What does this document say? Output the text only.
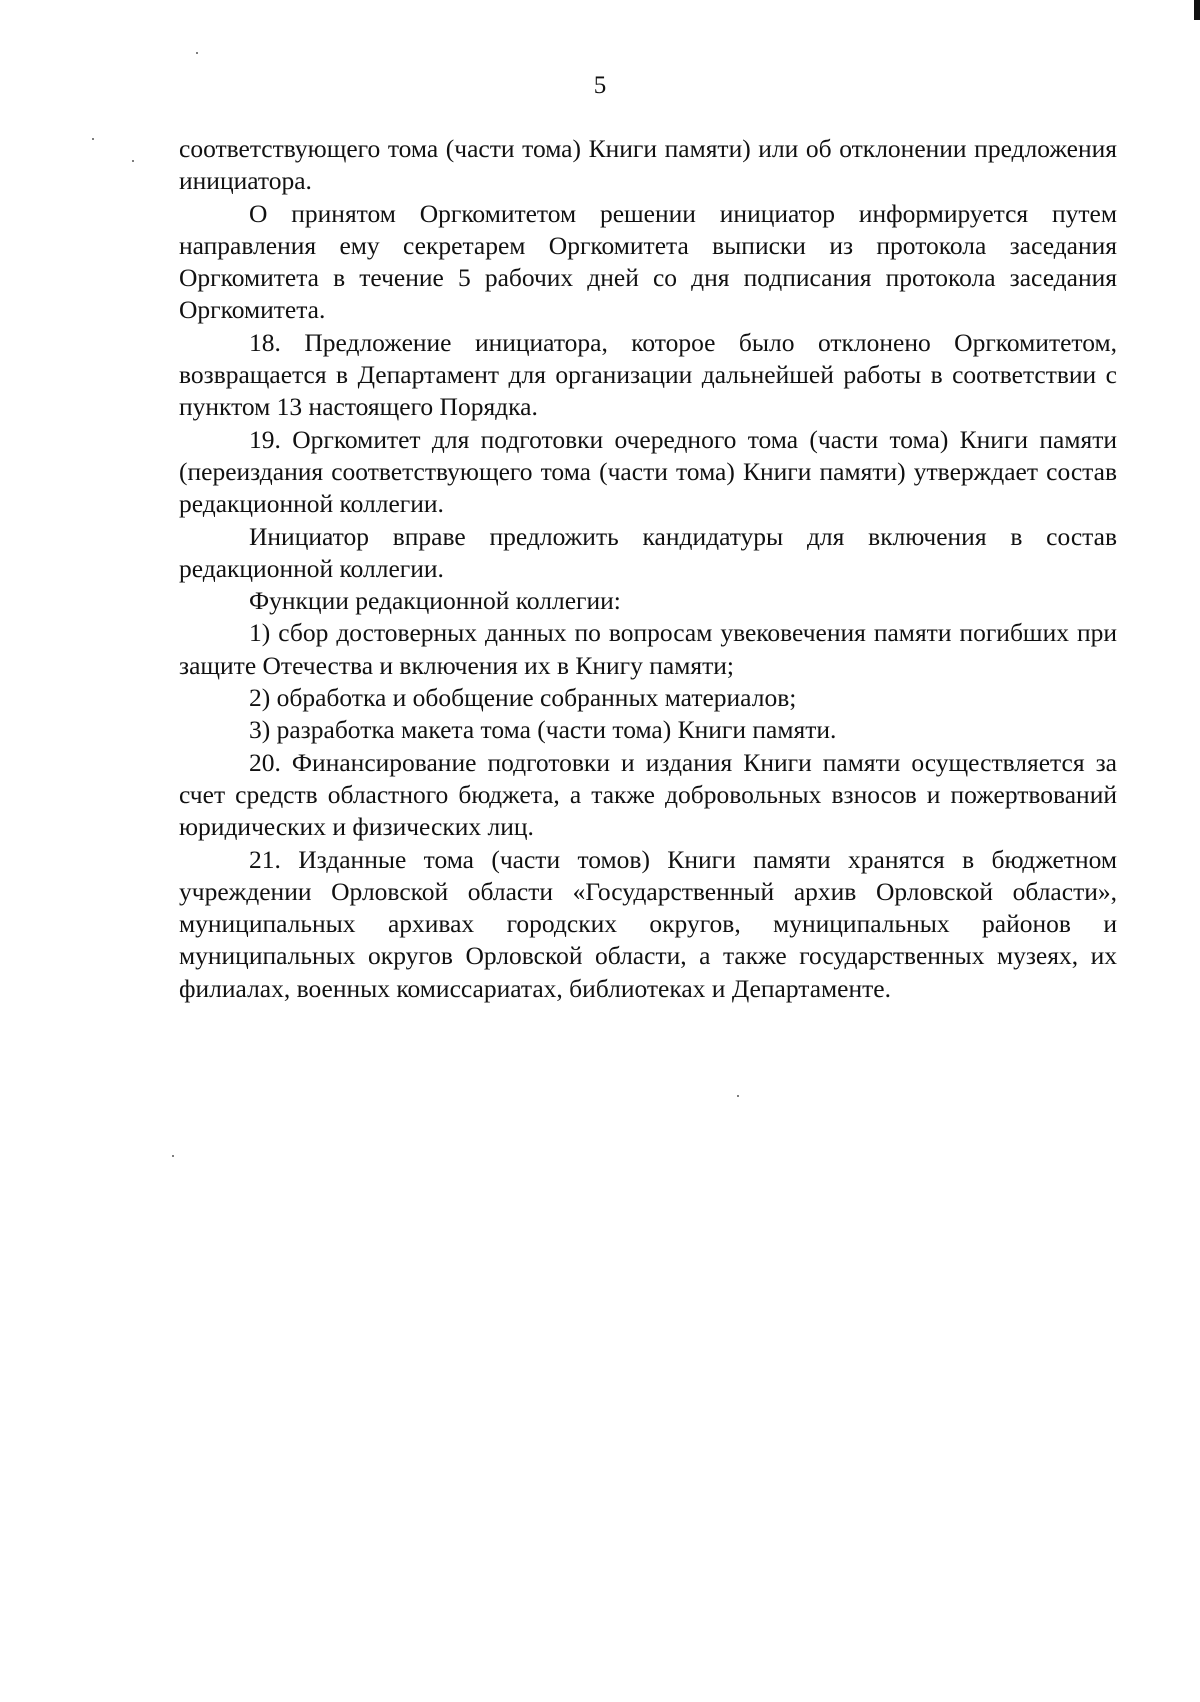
5

соответствующего тома (части тома) Книги памяти) или об отклонении предложения инициатора.

О принятом Оргкомитетом решении инициатор информируется путем направления ему секретарем Оргкомитета выписки из протокола заседания Оргкомитета в течение 5 рабочих дней со дня подписания протокола заседания Оргкомитета.

18. Предложение инициатора, которое было отклонено Оргкомитетом, возвращается в Департамент для организации дальнейшей работы в соответствии с пунктом 13 настоящего Порядка.

19. Оргкомитет для подготовки очередного тома (части тома) Книги памяти (переиздания соответствующего тома (части тома) Книги памяти) утверждает состав редакционной коллегии.

Инициатор вправе предложить кандидатуры для включения в состав редакционной коллегии.

Функции редакционной коллегии:

1) сбор достоверных данных по вопросам увековечения памяти погибших при защите Отечества и включения их в Книгу памяти;

2) обработка и обобщение собранных материалов;

3) разработка макета тома (части тома) Книги памяти.

20. Финансирование подготовки и издания Книги памяти осуществляется за счет средств областного бюджета, а также добровольных взносов и пожертвований юридических и физических лиц.

21. Изданные тома (части томов) Книги памяти хранятся в бюджетном учреждении Орловской области «Государственный архив Орловской области», муниципальных архивах городских округов, муниципальных районов и муниципальных округов Орловской области, а также государственных музеях, их филиалах, военных комиссариатах, библиотеках и Департаменте.
